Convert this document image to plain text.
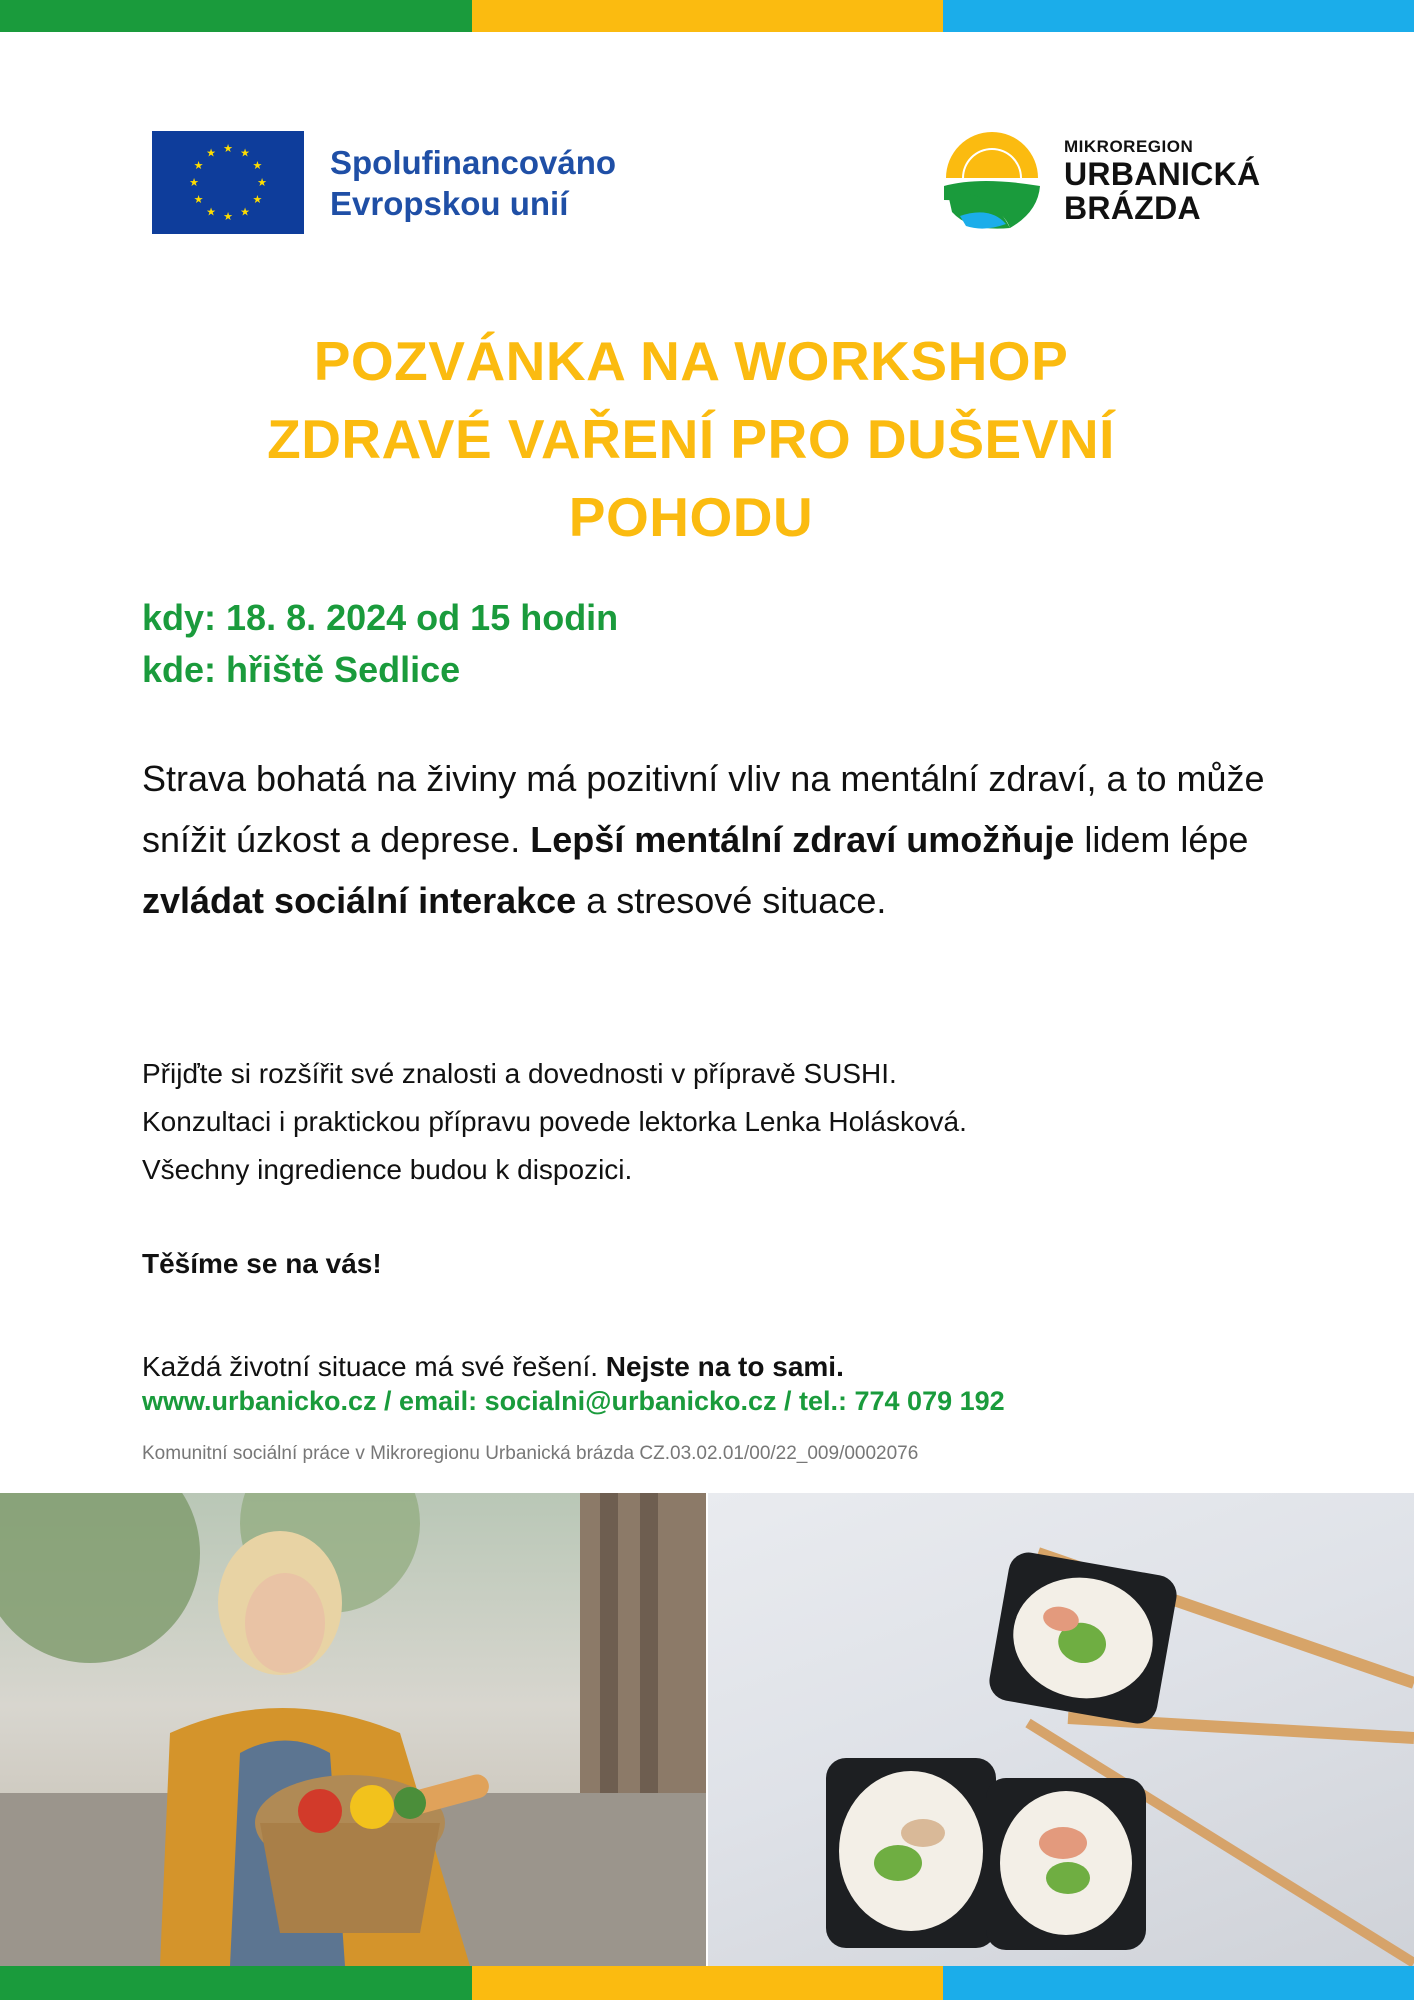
★ ★
★
★
★
★
★
★
★
★
★
★	Spolufinancováno
Evropskou unií
MIKROREGION
URBANICKÁ
BRÁZDA
POZVÁNKA NA WORKSHOP
ZDRAVÉ VAŘENÍ PRO DUŠEVNÍ
POHODU
kdy: 18. 8. 2024 od 15 hodin
kde: hřiště Sedlice
Strava bohatá na živiny má pozitivní vliv na mentální zdraví, a to může snížit úzkost a deprese. Lepší mentální zdraví umožňuje lidem lépe zvládat sociální interakce a stresové situace.
Přijďte si rozšířit své znalosti a dovednosti v přípravě SUSHI.
Konzultaci i praktickou přípravu povede lektorka Lenka Holásková.
Všechny ingredience budou k dispozici.
Těšíme se na vás!
Každá životní situace má své řešení. Nejste na to sami.
www.urbanicko.cz / email: socialni@urbanicko.cz / tel.: 774 079 192
Komunitní sociální práce v Mikroregionu Urbanická brázda CZ.03.02.01/00/22_009/0002076
